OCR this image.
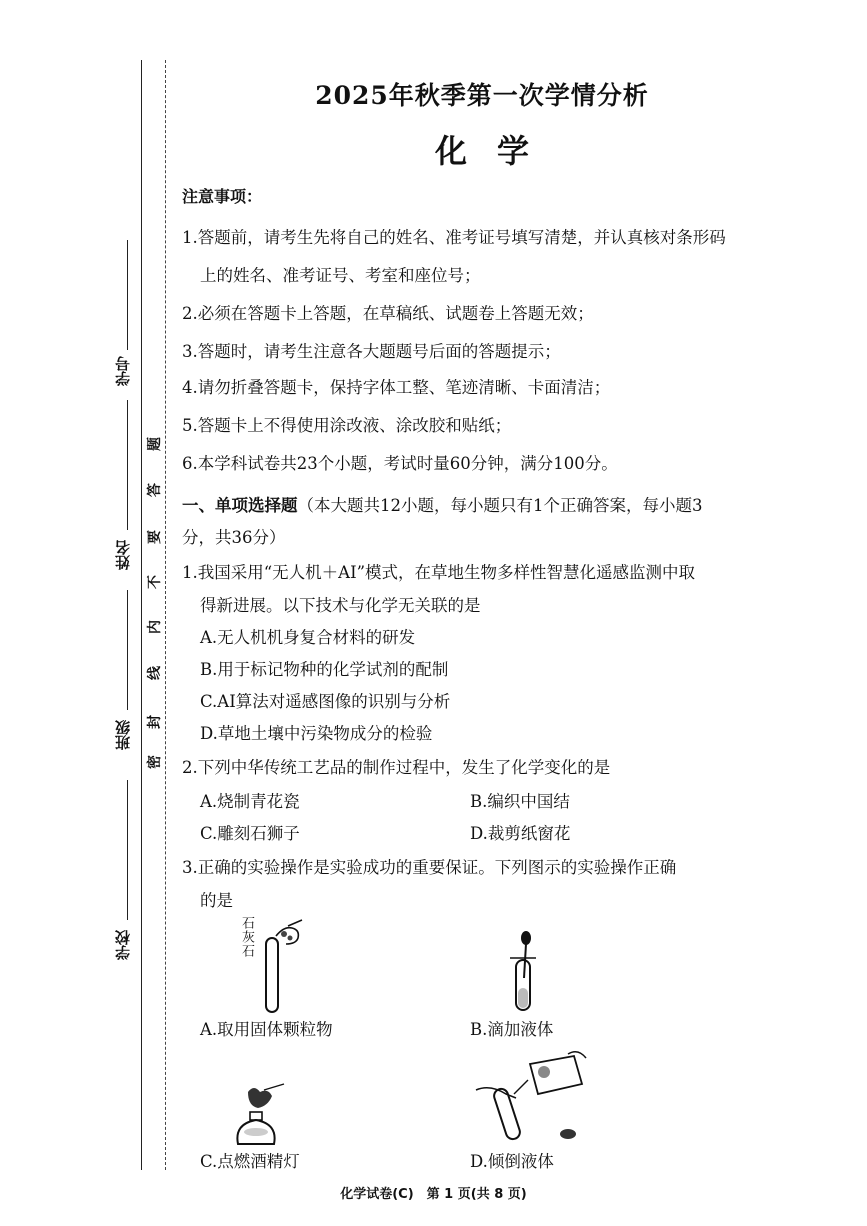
学号
姓名
班级
学校
密
封
线
内
不
要
答
题
2025年秋季第一次学情分析
化学
注意事项：
1.答题前，请考生先将自己的姓名、准考证号填写清楚，并认真核对条形码
上的姓名、准考证号、考室和座位号；
2.必须在答题卡上答题，在草稿纸、试题卷上答题无效；
3.答题时，请考生注意各大题题号后面的答题提示；
4.请勿折叠答题卡，保持字体工整、笔迹清晰、卡面清洁；
5.答题卡上不得使用涂改液、涂改胶和贴纸；
6.本学科试卷共23个小题，考试时量60分钟，满分100分。
一、单项选择题（本大题共12小题，每小题只有1个正确答案，每小题3
分，共36分）
1.我国采用“无人机＋AI”模式，在草地生物多样性智慧化遥感监测中取
得新进展。以下技术与化学无关联的是
A.无人机机身复合材料的研发
B.用于标记物种的化学试剂的配制
C.AI算法对遥感图像的识别与分析
D.草地土壤中污染物成分的检验
2.下列中华传统工艺品的制作过程中，发生了化学变化的是
A.烧制青花瓷	B.编织中国结
C.雕刻石狮子	D.裁剪纸窗花
3.正确的实验操作是实验成功的重要保证。下列图示的实验操作正确
的是
石灰石
A.取用固体颗粒物	B.滴加液体
C.点燃酒精灯	D.倾倒液体
化学试卷(C)　第 1 页(共 8 页)
